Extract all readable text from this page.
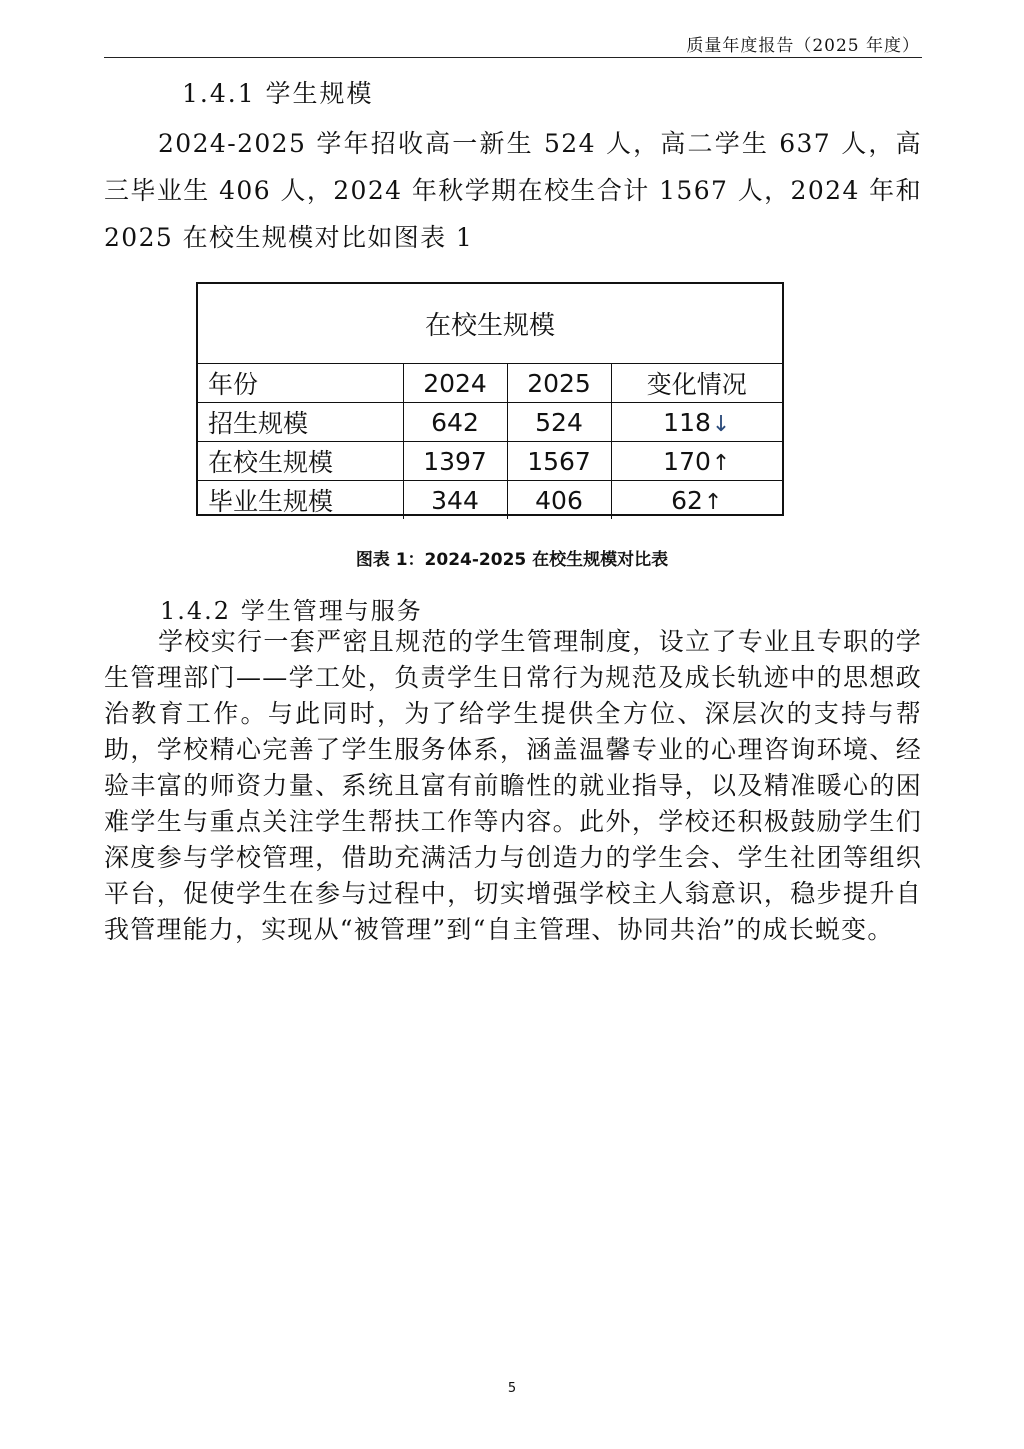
质量年度报告（2025 年度）
1.4.1 学生规模
2024-2025 学年招收高一新生 524 人，高二学生 637 人，高三毕业生 406 人，2024 年秋学期在校生合计 1567 人，2024 年和 2025 在校生规模对比如图表 1
在校生规模
年份	2024	2025	变化情况
招生规模	642	524	118↓
在校生规模	1397	1567	170↑
毕业生规模	344	406	62↑
图表 1：2024-2025 在校生规模对比表
1.4.2 学生管理与服务
学校实行一套严密且规范的学生管理制度，设立了专业且专职的学生管理部门——学工处，负责学生日常行为规范及成长轨迹中的思想政治教育工作。与此同时，为了给学生提供全方位、深层次的支持与帮助，学校精心完善了学生服务体系，涵盖温馨专业的心理咨询环境、经验丰富的师资力量、系统且富有前瞻性的就业指导，以及精准暖心的困难学生与重点关注学生帮扶工作等内容。此外，学校还积极鼓励学生们深度参与学校管理，借助充满活力与创造力的学生会、学生社团等组织平台，促使学生在参与过程中，切实增强学校主人翁意识，稳步提升自我管理能力，实现从“被管理”到“自主管理、协同共治”的成长蜕变。
5
